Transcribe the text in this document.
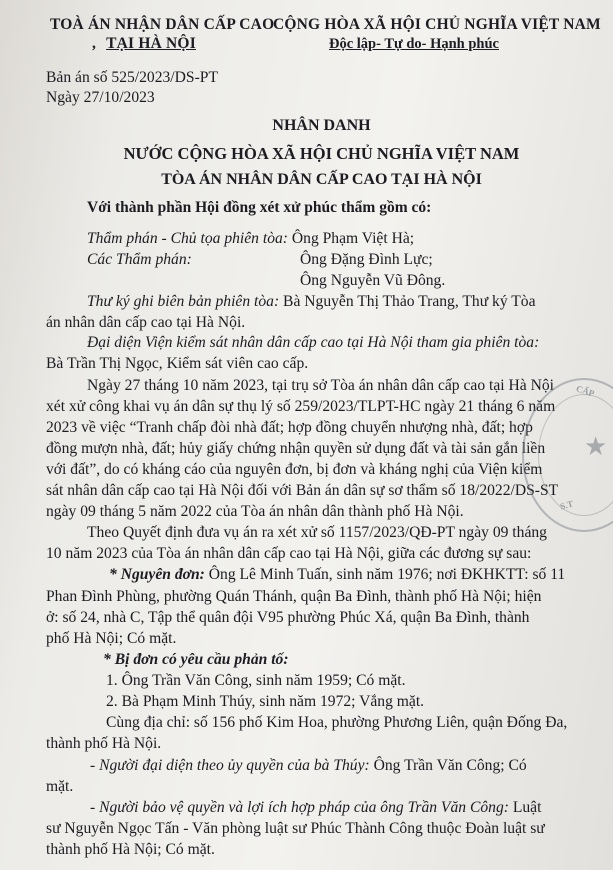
TOÀ ÁN NHẬN DÂN CẤP CAO
, TẠI HÀ NỘI
CỘNG HÒA XÃ HỘI CHỦ NGHĨA VIỆT NAM
Độc lập- Tự do- Hạnh phúc
Bản án số 525/2023/DS-PT
Ngày 27/10/2023
NHÂN DANH
NƯỚC CỘNG HÒA XÃ HỘI CHỦ NGHĨA VIỆT NAM
TÒA ÁN NHÂN DÂN CẤP CAO TẠI HÀ NỘI
Với thành phần Hội đồng xét xử phúc thẩm gồm có:
Thẩm phán - Chủ tọa phiên tòa: Ông Phạm Việt Hà;
Các Thẩm phán:	Ông Đặng Đình Lực;
Ông Nguyễn Vũ Đông.
Thư ký ghi biên bản phiên tòa: Bà Nguyễn Thị Thảo Trang, Thư ký Tòa
án nhân dân cấp cao tại Hà Nội.
Đại diện Viện kiểm sát nhân dân cấp cao tại Hà Nội tham gia phiên tòa:
Bà Trần Thị Ngọc, Kiểm sát viên cao cấp.
Ngày 27 tháng 10 năm 2023, tại trụ sở Tòa án nhân dân cấp cao tại Hà Nội
xét xử công khai vụ án dân sự thụ lý số 259/2023/TLPT-HC ngày 21 tháng 6 năm
2023 về việc “Tranh chấp đòi nhà đất; hợp đồng chuyển nhượng nhà, đất; hợp
đồng mượn nhà, đất; hủy giấy chứng nhận quyền sử dụng đất và tài sản gắn liền
với đất”, do có kháng cáo của nguyên đơn, bị đơn và kháng nghị của Viện kiểm
sát nhân dân cấp cao tại Hà Nội đối với Bản án dân sự sơ thẩm số 18/2022/DS-ST
ngày 09 tháng 5 năm 2022 của Tòa án nhân dân thành phố Hà Nội.
Theo Quyết định đưa vụ án ra xét xử số 1157/2023/QĐ-PT ngày 09 tháng
10 năm 2023 của Tòa án nhân dân cấp cao tại Hà Nội, giữa các đương sự sau:
* Nguyên đơn: Ông Lê Minh Tuấn, sinh năm 1976; nơi ĐKHKTT: số 11
Phan Đình Phùng, phường Quán Thánh, quận Ba Đình, thành phố Hà Nội; hiện
ở: số 24, nhà C, Tập thể quân đội V95 phường Phúc Xá, quận Ba Đình, thành
phố Hà Nội; Có mặt.
* Bị đơn có yêu cầu phản tố:
1. Ông Trần Văn Công, sinh năm 1959; Có mặt.
2. Bà Phạm Minh Thúy, sinh năm 1972; Vắng mặt.
Cùng địa chỉ: số 156 phố Kim Hoa, phường Phương Liên, quận Đống Đa,
thành phố Hà Nội.
- Người đại diện theo ủy quyền của bà Thúy: Ông Trần Văn Công; Có
mặt.
- Người bảo vệ quyền và lợi ích hợp pháp của ông Trần Văn Công: Luật
sư Nguyễn Ngọc Tấn - Văn phòng luật sư Phúc Thành Công thuộc Đoàn luật sư
thành phố Hà Nội; Có mặt.
CẤP
S.T
★
